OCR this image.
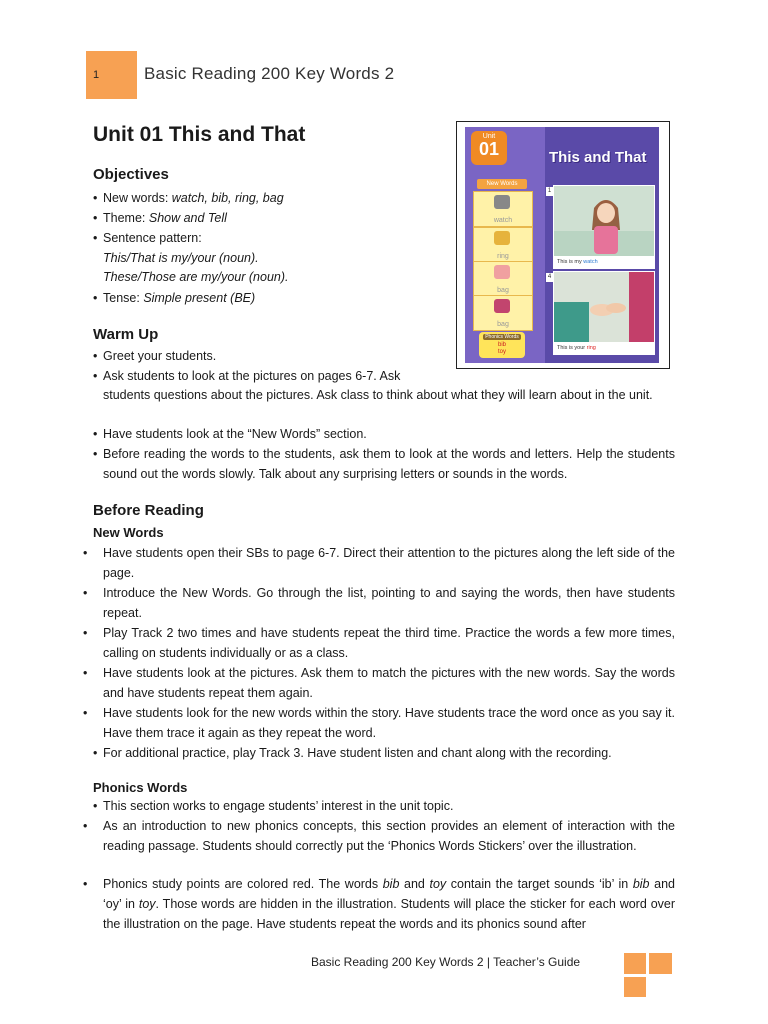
1	Basic Reading 200 Key Words 2
Unit 01 This and That	Unit
01	This and That
New Words
watch
ring
bag
bag
Phonics Words
bib
toy
1
This is my watch
4
This is your ring
Objectives
• New words: watch, bib, ring, bag
• Theme: Show and Tell
• Sentence pattern:
This/That is my/your (noun).
These/Those are my/your (noun).
• Tense: Simple present (BE)
Warm Up
• Greet your students.
• Ask students to look at the pictures on pages 6-7. Ask
students questions about the pictures. Ask class to think about what they will learn about in the unit.
• Have students look at the “New Words” section.
• Before reading the words to the students, ask them to look at the words and letters. Help the students sound out the words slowly. Talk about any surprising letters or sounds in the words.
Before Reading
New Words
• Have students open their SBs to page 6-7. Direct their attention to the pictures along the left side of the page.
• Introduce the New Words. Go through the list, pointing to and saying the words, then have students repeat.
• Play Track 2 two times and have students repeat the third time. Practice the words a few more times, calling on students individually or as a class.
• Have students look at the pictures. Ask them to match the pictures with the new words. Say the words and have students repeat them again.
• Have students look for the new words within the story. Have students trace the word once as you say it. Have them trace it again as they repeat the word.
• For additional practice, play Track 3. Have student listen and chant along with the recording.
Phonics Words
• This section works to engage students’ interest in the unit topic.
• As an introduction to new phonics concepts, this section provides an element of interaction with the reading passage. Students should correctly put the ‘Phonics Words Stickers’ over the illustration.
• Phonics study points are colored red. The words bib and toy contain the target sounds ‘ib’ in bib and ‘oy’ in toy. Those words are hidden in the illustration. Students will place the sticker for each word over the illustration on the page. Have students repeat the words and its phonics sound after
Basic Reading 200 Key Words 2 | Teacher’s Guide
